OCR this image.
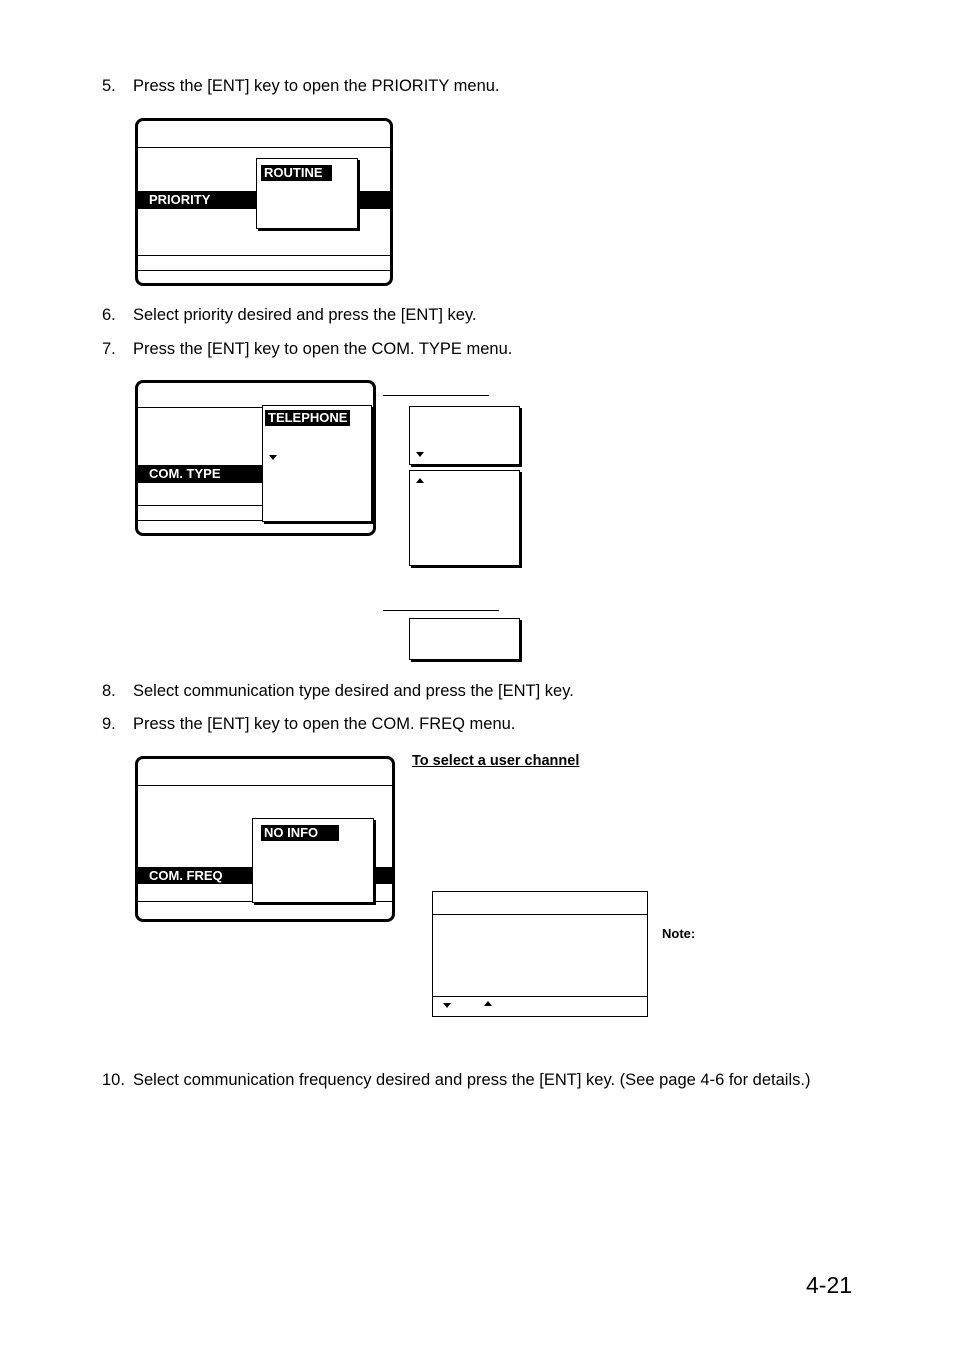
5. Press the [ENT] key to open the PRIORITY menu.
PRIORITY
ROUTINE
6. Select priority desired and press the [ENT] key.
7. Press the [ENT] key to open the COM. TYPE menu.
COM. TYPE
TELEPHONE
8. Select communication type desired and press the [ENT] key.
9. Press the [ENT] key to open the COM. FREQ menu.
COM. FREQ
NO INFO
To select a user channel
Note:
10. Select communication frequency desired and press the [ENT] key. (See page 4-6 for details.)
4-21
